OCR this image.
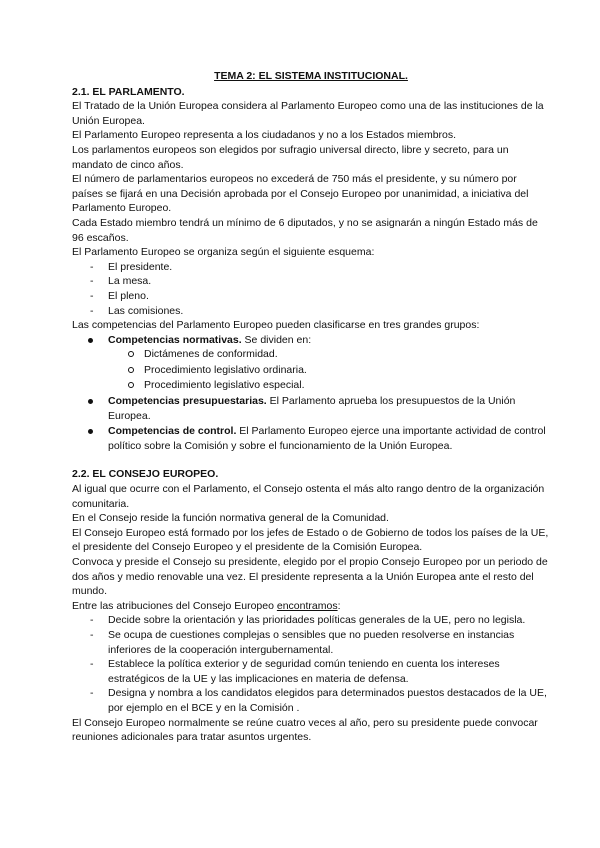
TEMA 2: EL SISTEMA INSTITUCIONAL.

2.1. EL PARLAMENTO.

El Tratado de la Unión Europea considera al Parlamento Europeo como una de las instituciones de la Unión Europea.

El Parlamento Europeo representa a los ciudadanos y no a los Estados miembros.

Los parlamentos europeos son elegidos por sufragio universal directo, libre y secreto, para un mandato de cinco años.

El número de parlamentarios europeos no excederá de 750 más el presidente, y su número por países se fijará en una Decisión aprobada por el Consejo Europeo por unanimidad, a iniciativa del Parlamento Europeo.

Cada Estado miembro tendrá un mínimo de 6 diputados, y no se asignarán a ningún Estado más de 96 escaños.

El Parlamento Europeo se organiza según el siguiente esquema:

- El presidente.
- La mesa.
- El pleno.
- Las comisiones.

Las competencias del Parlamento Europeo pueden clasificarse en tres grandes grupos:

Competencias normativas. Se dividen en:
Dictámenes de conformidad.
Procedimiento legislativo ordinaria.
Procedimiento legislativo especial.
Competencias presupuestarias. El Parlamento aprueba los presupuestos de la Unión Europea.
Competencias de control. El Parlamento Europeo ejerce una importante actividad de control político sobre la Comisión y sobre el funcionamiento de la Unión Europea.

2.2. EL CONSEJO EUROPEO.

Al igual que ocurre con el Parlamento, el Consejo ostenta el más alto rango dentro de la organización comunitaria.

En el Consejo reside la función normativa general de la Comunidad.

El Consejo Europeo está formado por los jefes de Estado o de Gobierno de todos los países de la UE, el presidente del Consejo Europeo y el presidente de la Comisión Europea.

Convoca y preside el Consejo su presidente, elegido por el propio Consejo Europeo por un periodo de dos años y medio renovable una vez. El presidente representa a la Unión Europea ante el resto del mundo.

Entre las atribuciones del Consejo Europeo encontramos:

- Decide sobre la orientación y las prioridades políticas generales de la UE, pero no legisla.
- Se ocupa de cuestiones complejas o sensibles que no pueden resolverse en instancias inferiores de la cooperación intergubernamental.
- Establece la política exterior y de seguridad común teniendo en cuenta los intereses estratégicos de la UE y las implicaciones en materia de defensa.
- Designa y nombra a los candidatos elegidos para determinados puestos destacados de la UE, por ejemplo en el BCE y en la Comisión .

El Consejo Europeo normalmente se reúne cuatro veces al año, pero su presidente puede convocar reuniones adicionales para tratar asuntos urgentes.
